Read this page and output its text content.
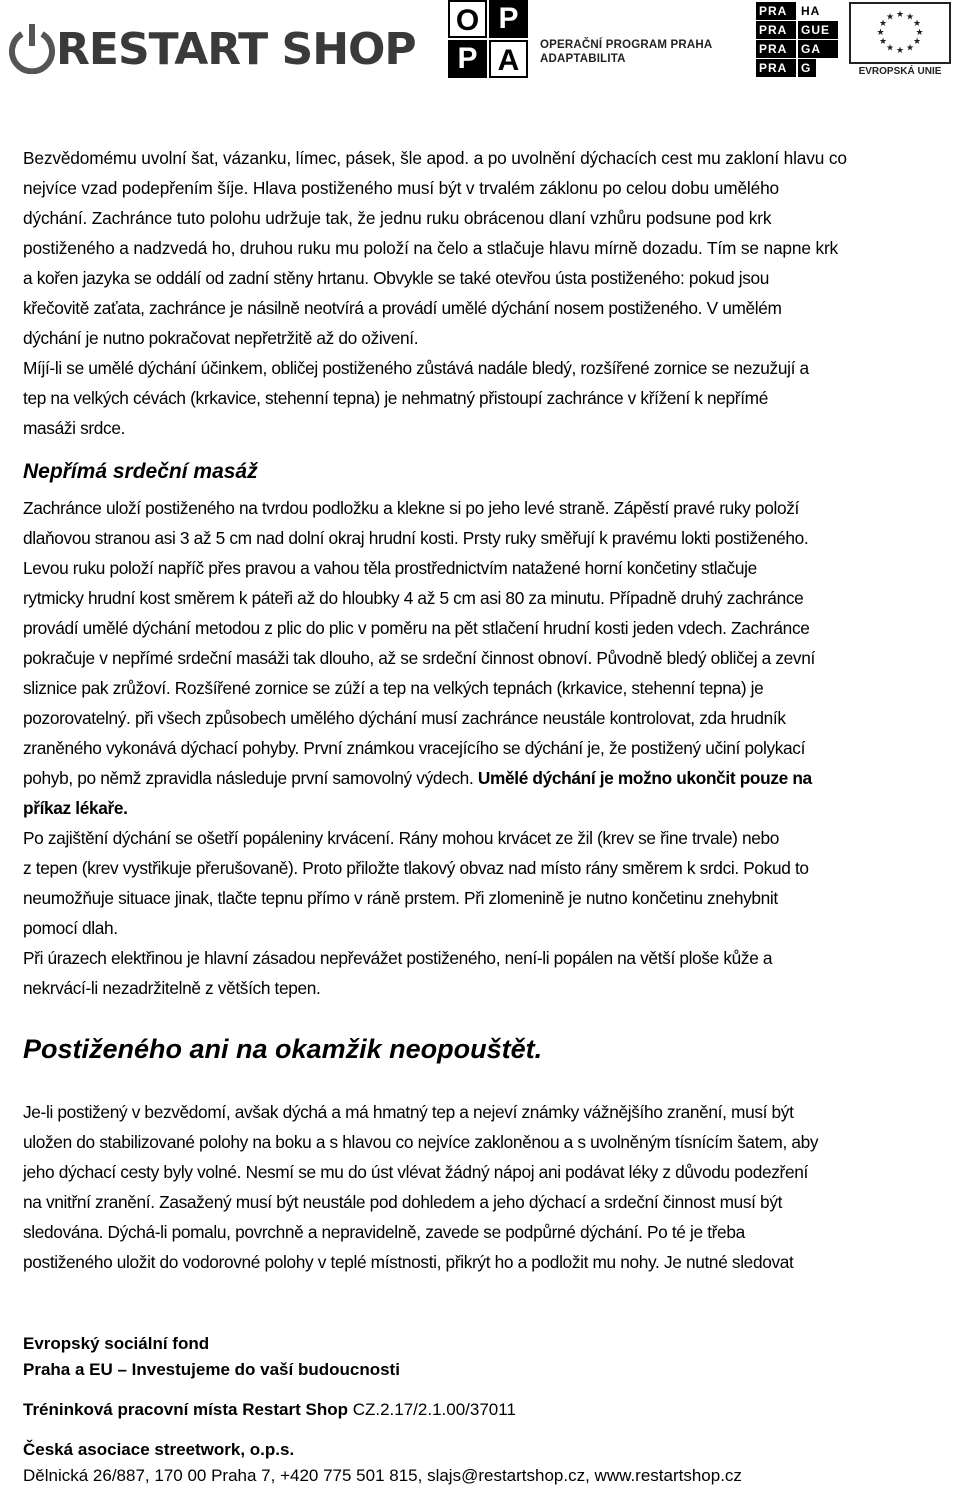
RESTART SHOP
O P
P A	OPERAČNÍ PROGRAM PRAHA
ADAPTABILITA
PRA	HA
PRA	GUE
PRA	GA
PRA	G
★ ★
★
★
★
★
★
★
★
★
★
★
EVROPSKÁ UNIE

Bezvědomému uvolní šat, vázanku, límec, pásek, šle apod. a po uvolnění dýchacích cest mu zakloní hlavu co

nejvíce vzad podepřením šíje. Hlava postiženého musí být v trvalém záklonu po celou dobu umělého

dýchání. Zachránce tuto polohu udržuje tak, že jednu ruku obrácenou dlaní vzhůru podsune pod krk

postiženého a nadzvedá ho, druhou ruku mu položí na čelo a stlačuje hlavu mírně dozadu. Tím se napne krk

a kořen jazyka se oddálí od zadní stěny hrtanu. Obvykle se také otevřou ústa postiženého: pokud jsou

křečovitě zaťata, zachránce je násilně neotvírá a provádí umělé dýchání nosem postiženého. V umělém

dýchání je nutno pokračovat nepřetržitě až do oživení.

Míjí-li se umělé dýchání účinkem, obličej postiženého zůstává nadále bledý, rozšířené zornice se nezužují a

tep na velkých cévách (krkavice, stehenní tepna) je nehmatný přistoupí zachránce v křížení k nepřímé

masáži srdce.

Nepřímá srdeční masáž

Zachránce uloží postiženého na tvrdou podložku a klekne si po jeho levé straně. Zápěstí pravé ruky položí

dlaňovou stranou asi 3 až 5 cm nad dolní okraj hrudní kosti. Prsty ruky směřují k pravému lokti postiženého.

Levou ruku položí napříč přes pravou a vahou těla prostřednictvím natažené horní končetiny stlačuje

rytmicky hrudní kost směrem k páteři až do hloubky 4 až 5 cm asi 80 za minutu. Případně druhý zachránce

provádí umělé dýchání metodou z plic do plic v poměru na pět stlačení hrudní kosti jeden vdech. Zachránce

pokračuje v nepřímé srdeční masáži tak dlouho, až se srdeční činnost obnoví. Původně bledý obličej a zevní

sliznice pak zrůžoví. Rozšířené zornice se zúží a tep na velkých tepnách (krkavice, stehenní tepna) je

pozorovatelný. při všech způsobech umělého dýchání musí zachránce neustále kontrolovat, zda hrudník

zraněného vykonává dýchací pohyby. První známkou vracejícího se dýchání je, že postižený učiní polykací

pohyb, po němž zpravidla následuje první samovolný výdech. Umělé dýchání je možno ukončit pouze na

příkaz lékaře.

Po zajištění dýchání se ošetří popáleniny krvácení. Rány mohou krvácet ze žil (krev se řine trvale) nebo

z tepen (krev vystřikuje přerušovaně). Proto přiložte tlakový obvaz nad místo rány směrem k srdci. Pokud to

neumožňuje situace jinak, tlačte tepnu přímo v ráně prstem. Při zlomenině je nutno končetinu znehybnit

pomocí dlah.

Při úrazech elektřinou je hlavní zásadou nepřevážet postiženého, není-li popálen na větší ploše kůže a

nekrvácí-li nezadržitelně z větších tepen.

Postiženého ani na okamžik neopouštět.

Je-li postižený v bezvědomí, avšak dýchá a má hmatný tep a nejeví známky vážnějšího zranění, musí být

uložen do stabilizované polohy na boku a s hlavou co nejvíce zakloněnou a s uvolněným tísnícím šatem, aby

jeho dýchací cesty byly volné. Nesmí se mu do úst vlévat žádný nápoj ani podávat léky z důvodu podezření

na vnitřní zranění. Zasažený musí být neustále pod dohledem a jeho dýchací a srdeční činnost musí být

sledována. Dýchá-li pomalu, povrchně a nepravidelně, zavede se podpůrné dýchání. Po té je třeba

postiženého uložit do vodorovné polohy v teplé místnosti, přikrýt ho a podložit mu nohy. Je nutné sledovat

Evropský sociální fond
Praha a EU – Investujeme do vaší budoucnosti
Tréninková pracovní místa Restart Shop CZ.2.17/2.1.00/37011
Česká asociace streetwork, o.p.s.
Dělnická 26/887, 170 00 Praha 7, +420 775 501 815, slajs@restartshop.cz, www.restartshop.cz
